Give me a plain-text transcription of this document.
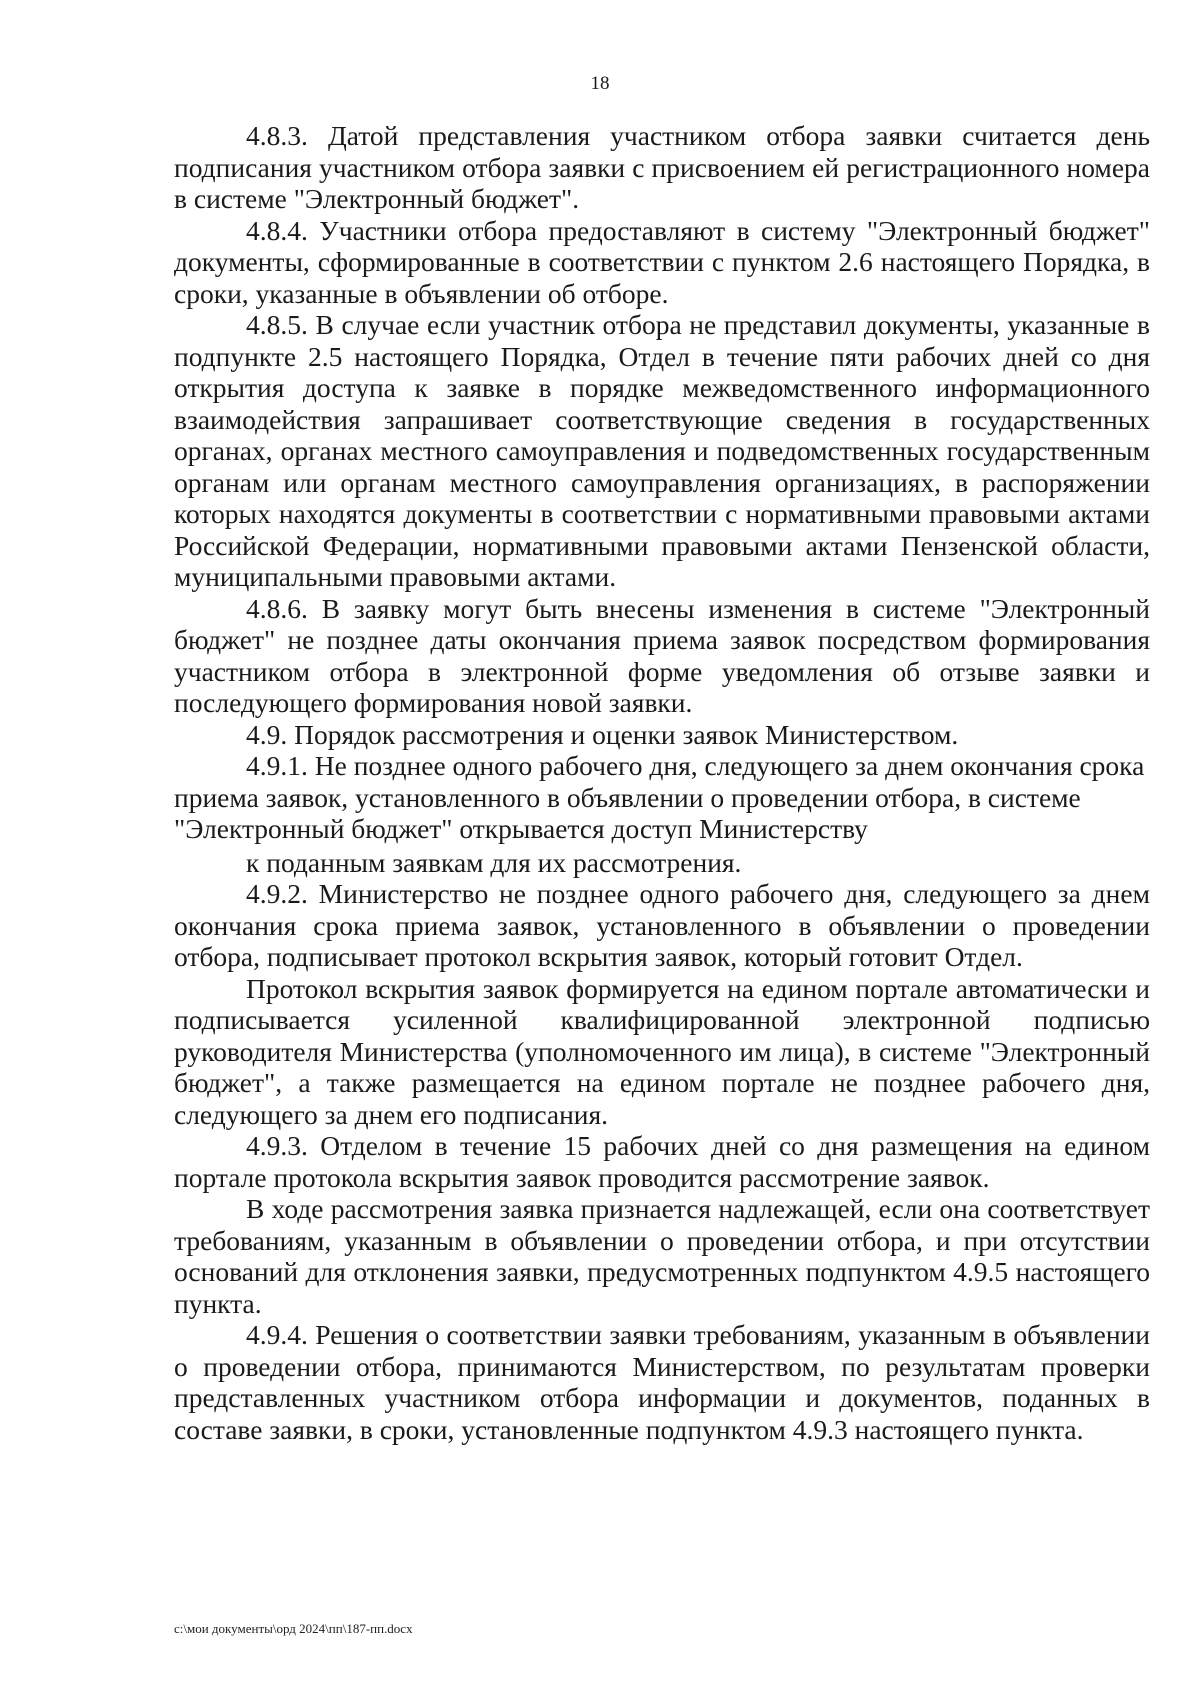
18

4.8.3. Датой представления участником отбора заявки считается день подписания участником отбора заявки с присвоением ей регистрационного номера в системе "Электронный бюджет".

4.8.4. Участники отбора предоставляют в систему "Электронный бюджет" документы, сформированные в соответствии с пунктом 2.6 настоящего Порядка, в сроки, указанные в объявлении об отборе.

4.8.5. В случае если участник отбора не представил документы, указанные в подпункте 2.5 настоящего Порядка, Отдел в течение пяти рабочих дней со дня открытия доступа к заявке в порядке межведомственного информационного взаимодействия запрашивает соответствующие сведения в государственных органах, органах местного самоуправления и подведомственных государственным органам или органам местного самоуправления организациях, в распоряжении которых находятся документы в соответствии с нормативными правовыми актами Российской Федерации, нормативными правовыми актами Пензенской области, муниципальными правовыми актами.

4.8.6. В заявку могут быть внесены изменения в системе "Электронный бюджет" не позднее даты окончания приема заявок посредством формирования участником отбора в электронной форме уведомления об отзыве заявки и последующего формирования новой заявки.

4.9. Порядок рассмотрения и оценки заявок Министерством.

4.9.1. Не позднее одного рабочего дня, следующего за днем окончания срока приема заявок, установленного в объявлении о проведении отбора, в системе "Электронный бюджет" открывается доступ Министерству

к поданным заявкам для их рассмотрения.

4.9.2. Министерство не позднее одного рабочего дня, следующего за днем окончания срока приема заявок, установленного в объявлении о проведении отбора, подписывает протокол вскрытия заявок, который готовит Отдел.

Протокол вскрытия заявок формируется на едином портале автоматически и подписывается усиленной квалифицированной электронной подписью руководителя Министерства (уполномоченного им лица), в системе "Электронный бюджет", а также размещается на едином портале не позднее рабочего дня, следующего за днем его подписания.

4.9.3. Отделом в течение 15 рабочих дней со дня размещения на едином портале протокола вскрытия заявок проводится рассмотрение заявок.

В ходе рассмотрения заявка признается надлежащей, если она соответствует требованиям, указанным в объявлении о проведении отбора, и при отсутствии оснований для отклонения заявки, предусмотренных подпунктом 4.9.5 настоящего пункта.

4.9.4. Решения о соответствии заявки требованиям, указанным в объявлении о проведении отбора, принимаются Министерством, по результатам проверки представленных участником отбора информации и документов, поданных в составе заявки, в сроки, установленные подпунктом 4.9.3 настоящего пункта.

c:\мои документы\орд 2024\пп\187-пп.docx
